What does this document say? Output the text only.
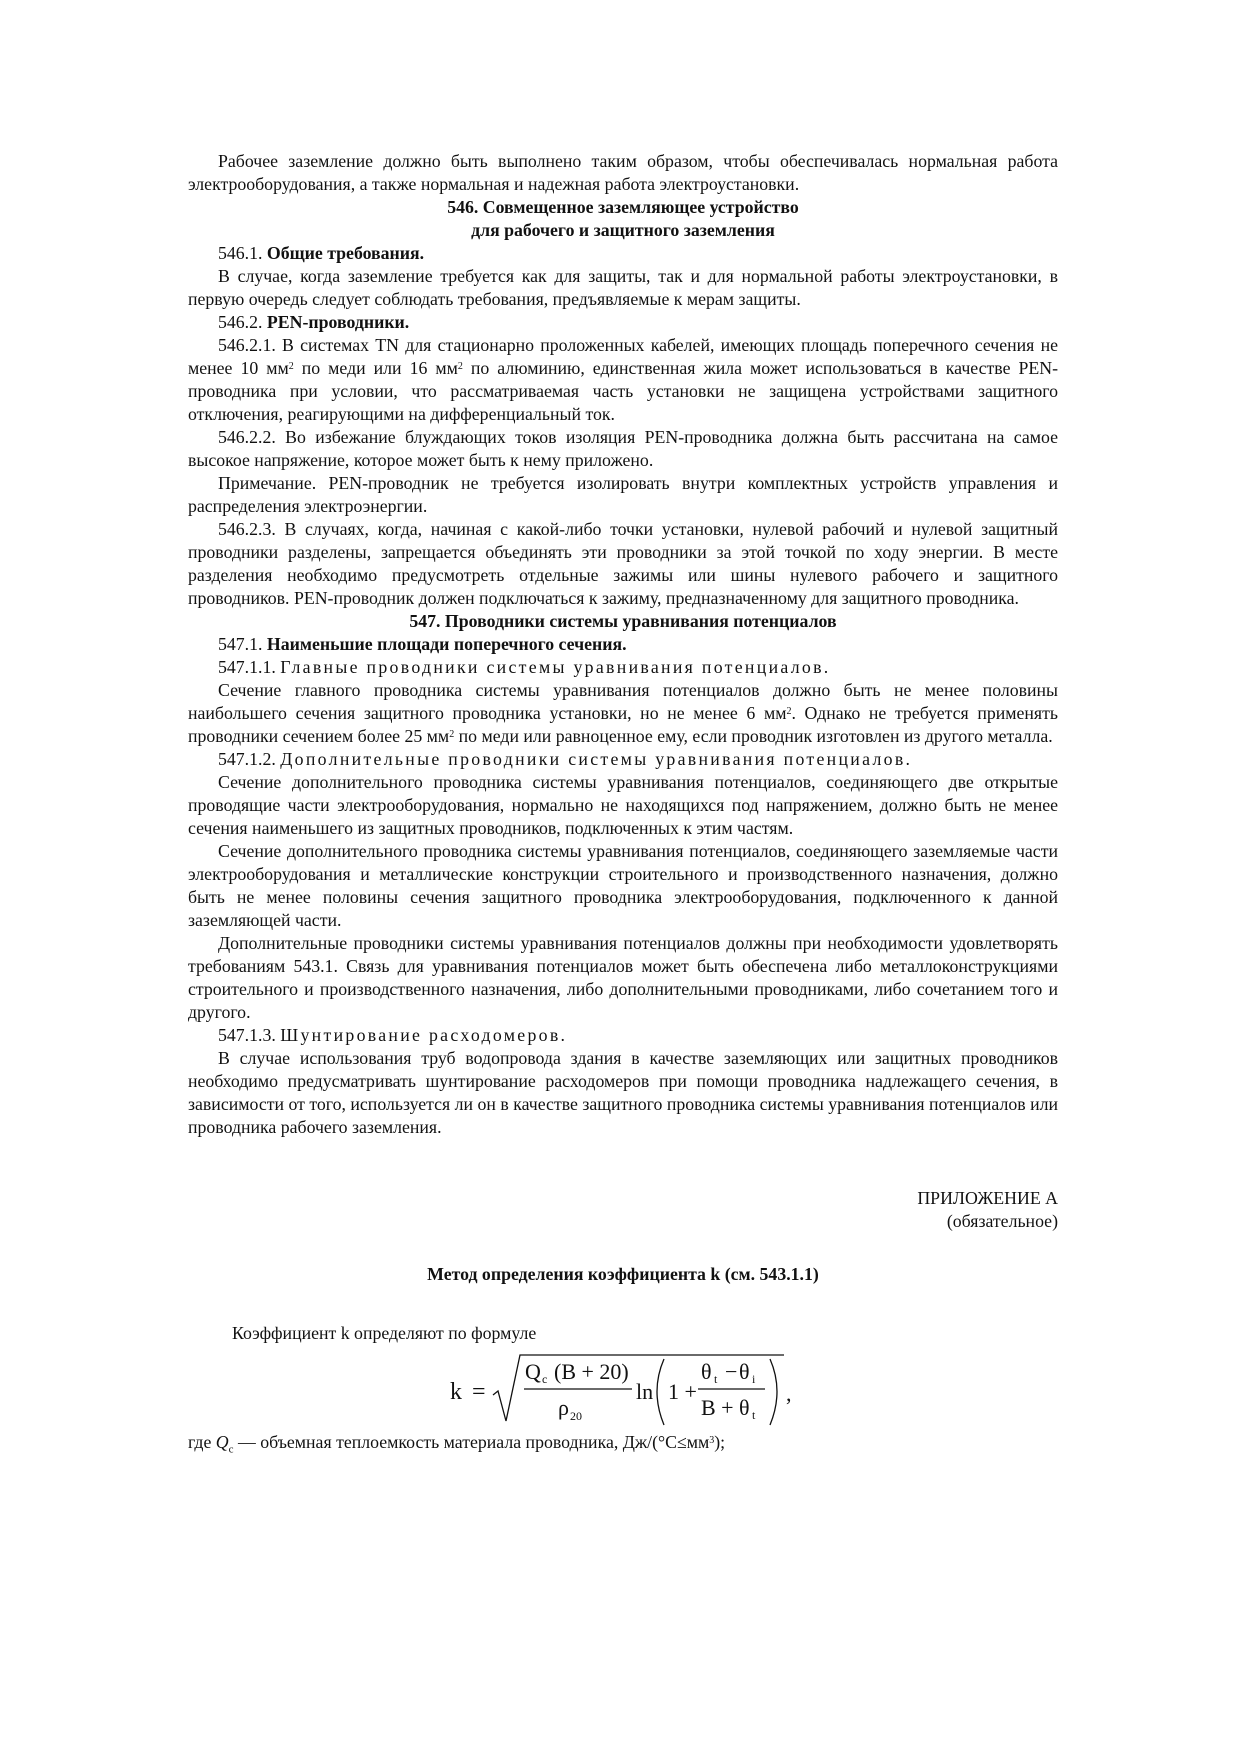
Рабочее заземление должно быть выполнено таким образом, чтобы обеспечивалась нормальная работа электрооборудования, а также нормальная и надежная работа электроустановки.

546. Совмещенное заземляющее устройство

для рабочего и защитного заземления

546.1. Общие требования.

В случае, когда заземление требуется как для защиты, так и для нормальной работы электроустановки, в первую очередь следует соблюдать требования, предъявляемые к мерам защиты.

546.2. PEN-проводники.

546.2.1. В системах TN для стационарно проложенных кабелей, имеющих площадь поперечного сечения не менее 10 $мм^2$ по меди или 16 $мм^2$ по алюминию, единственная жила может использоваться в качестве PEN-проводника при условии, что рассматриваемая часть установки не защищена устройствами защитного отключения, реагирующими на дифференциальный ток.

546.2.2. Во избежание блуждающих токов изоляция PEN-проводника должна быть рассчитана на самое высокое напряжение, которое может быть к нему приложено.

Примечание. PEN-проводник не требуется изолировать внутри комплектных устройств управления и распределения электроэнергии.

546.2.3. В случаях, когда, начиная с какой-либо точки установки, нулевой рабочий и нулевой защитный проводники разделены, запрещается объединять эти проводники за этой точкой по ходу энергии. В месте разделения необходимо предусмотреть отдельные зажимы или шины нулевого рабочего и защитного проводников. PEN-проводник должен подключаться к зажиму, предназначенному для защитного проводника.

547. Проводники системы уравнивания потенциалов

547.1. Наименьшие площади поперечного сечения.

547.1.1. Главные проводники системы уравнивания потенциалов.

Сечение главного проводника системы уравнивания потенциалов должно быть не менее половины наибольшего сечения защитного проводника установки, но не менее 6 $мм^2$. Однако не требуется применять проводники сечением более 25 $мм^2$ по меди или равноценное ему, если проводник изготовлен из другого металла.

547.1.2. Дополнительные проводники системы уравнивания потенциалов.

Сечение дополнительного проводника системы уравнивания потенциалов, соединяющего две открытые проводящие части электрооборудования, нормально не находящихся под напряжением, должно быть не менее сечения наименьшего из защитных проводников, подключенных к этим частям.

Сечение дополнительного проводника системы уравнивания потенциалов, соединяющего заземляемые части электрооборудования и металлические конструкции строительного и производственного назначения, должно быть не менее половины сечения защитного проводника электрооборудования, подключенного к данной заземляющей части.

Дополнительные проводники системы уравнивания потенциалов должны при необходимости удовлетворять требованиям 543.1. Связь для уравнивания потенциалов может быть обеспечена либо металлоконструкциями строительного и производственного назначения, либо дополнительными проводниками, либо сочетанием того и другого.

547.1.3. Шунтирование расходомеров.

В случае использования труб водопровода здания в качестве заземляющих или защитных проводников необходимо предусматривать шунтирование расходомеров при помощи проводника надлежащего сечения, в зависимости от того, используется ли он в качестве защитного проводника системы уравнивания потенциалов или проводника рабочего заземления.

ПРИЛОЖЕНИЕ А

(обязательное)

Метод определения коэффициента k (см. 543.1.1)

Коэффициент k определяют по формуле

k =
Q c (B + 20)
ρ 20
ln 1 +
θ t − θ i
B + θ t
,

где $Q_c$ — объемная теплоемкость материала проводника, $Дж/(^\circ С\le мм^3)$;
